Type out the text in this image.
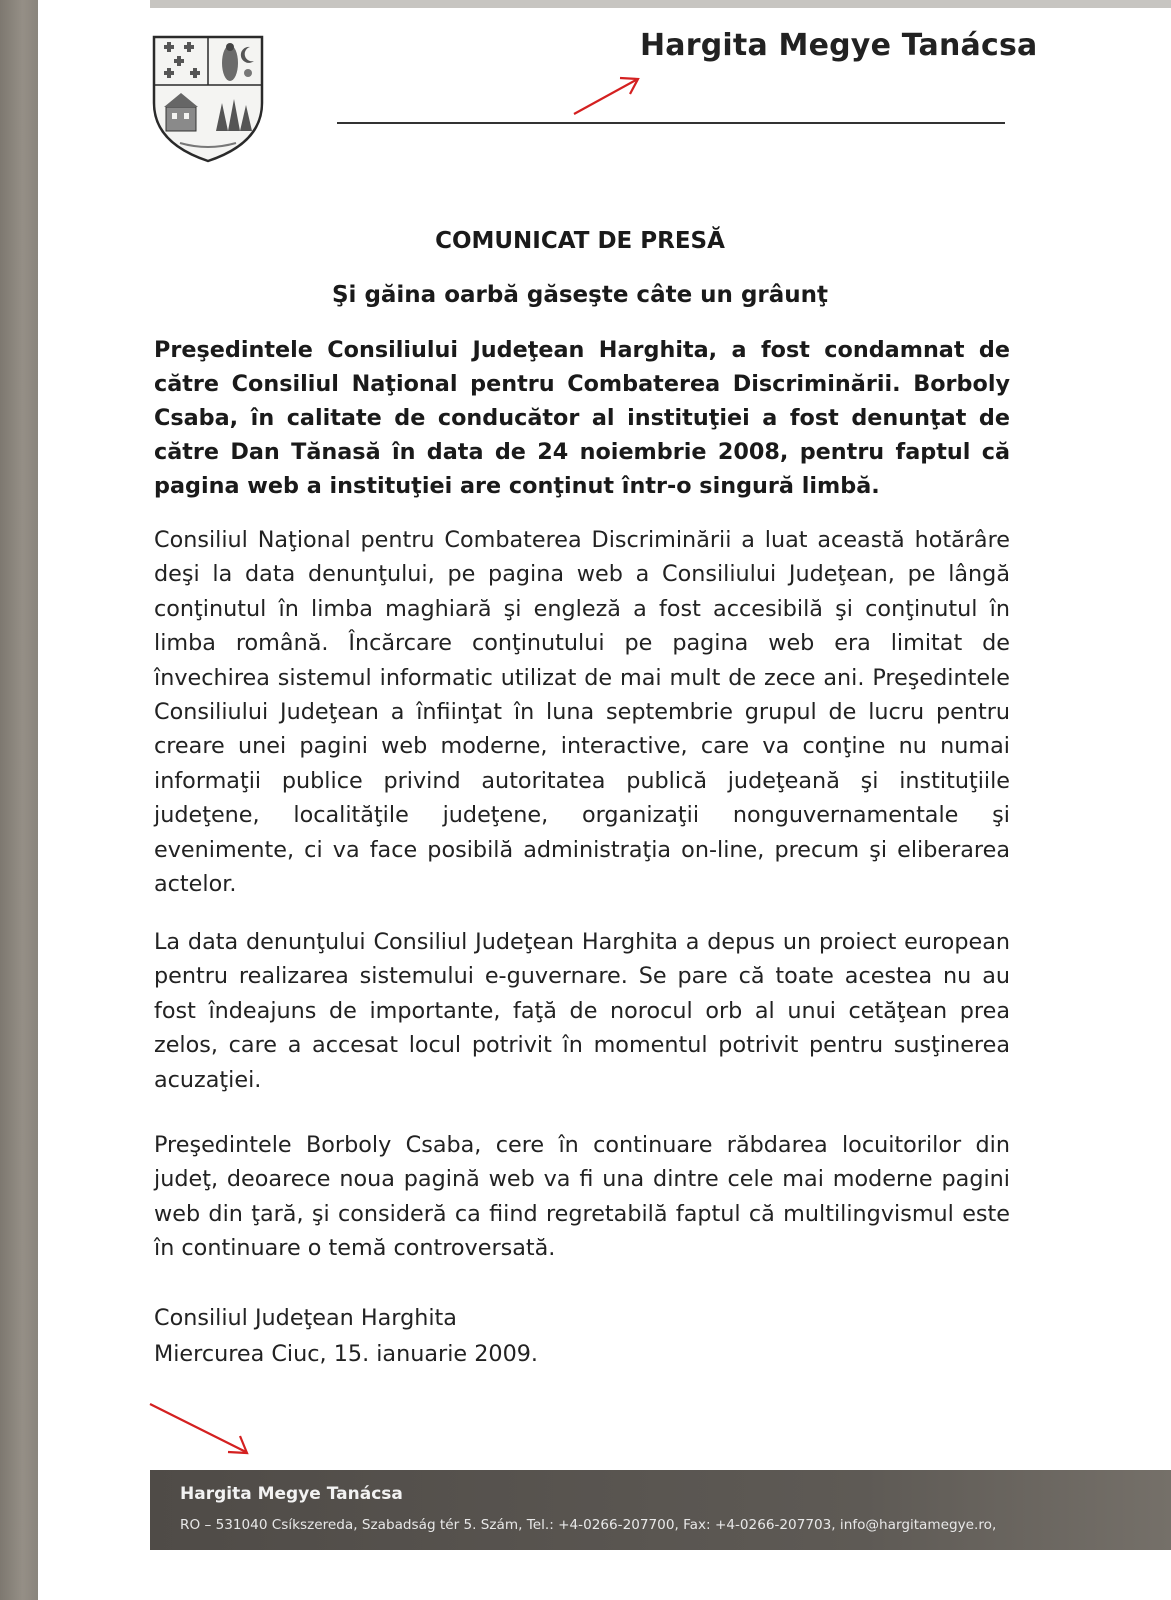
Hargita Megye Tanácsa
COMUNICAT DE PRESĂ
Şi găina oarbă găseşte câte un grâunţ
Preşedintele Consiliului Judeţean Harghita, a fost condamnat de către Consiliul Naţional pentru Combaterea Discriminării. Borboly Csaba, în calitate de conducător al instituţiei a fost denunţat de către Dan Tănasă în data de 24 noiembrie 2008, pentru faptul că pagina web a instituţiei are conţinut într-o singură limbă.
Consiliul Naţional pentru Combaterea Discriminării a luat această hotărâre deşi la data denunţului, pe pagina web a Consiliului Judeţean, pe lângă conţinutul în limba maghiară şi engleză a fost accesibilă şi conţinutul în limba română. Încărcare conţinutului pe pagina web era limitat de învechirea sistemul informatic utilizat de mai mult de zece ani. Preşedintele Consiliului Judeţean a înfiinţat în luna septembrie grupul de lucru pentru creare unei pagini web moderne, interactive, care va conţine nu numai informaţii publice privind autoritatea publică judeţeană şi instituţiile judeţene, localităţile judeţene, organizaţii nonguvernamentale şi evenimente, ci va face posibilă administraţia on-line, precum şi eliberarea actelor.
La data denunţului Consiliul Judeţean Harghita a depus un proiect european pentru realizarea sistemului e-guvernare. Se pare că toate acestea nu au fost îndeajuns de importante, faţă de norocul orb al unui cetăţean prea zelos, care a accesat locul potrivit în momentul potrivit pentru susţinerea acuzaţiei.
Preşedintele Borboly Csaba, cere în continuare răbdarea locuitorilor din judeţ, deoarece noua pagină web va fi una dintre cele mai moderne pagini web din ţară, şi consideră ca fiind regretabilă faptul că multilingvismul este în continuare o temă controversată.
Consiliul Judeţean Harghita
Miercurea Ciuc, 15. ianuarie 2009.
Hargita Megye Tanácsa
RO – 531040 Csíkszereda, Szabadság tér 5. Szám, Tel.: +4-0266-207700, Fax: +4-0266-207703, info@hargitamegye.ro,
